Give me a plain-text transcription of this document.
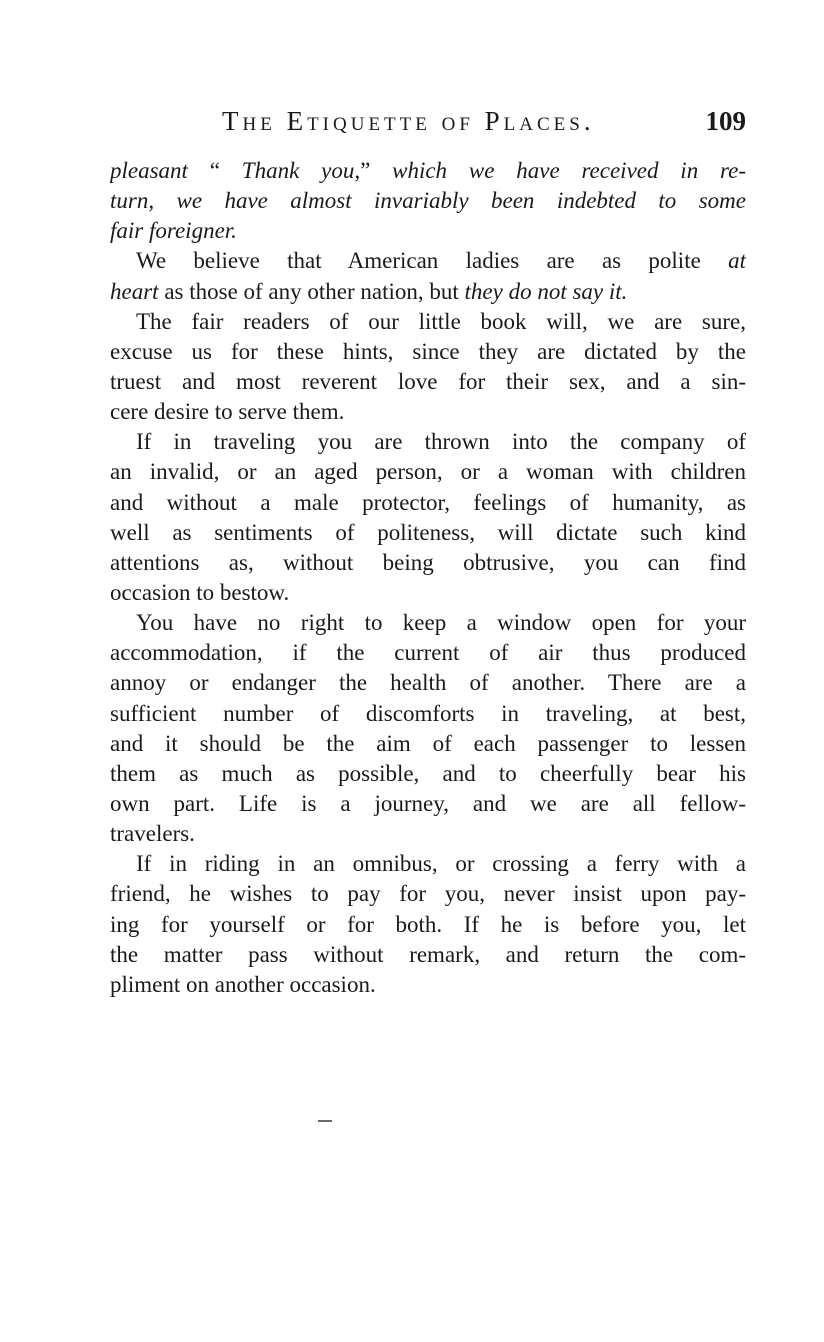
The Etiquette of Places.	109
pleasant “ Thank you,” which we have received in re-
turn, we have almost invariably been indebted to some
fair foreigner.
We believe that American ladies are as polite at
heart as those of any other nation, but they do not say it.
The fair readers of our little book will, we are sure,
excuse us for these hints, since they are dictated by the
truest and most reverent love for their sex, and a sin-
cere desire to serve them.
If in traveling you are thrown into the company of
an invalid, or an aged person, or a woman with children
and without a male protector, feelings of humanity, as
well as sentiments of politeness, will dictate such kind
attentions as, without being obtrusive, you can find
occasion to bestow.
You have no right to keep a window open for your
accommodation, if the current of air thus produced
annoy or endanger the health of another. There are a
sufficient number of discomforts in traveling, at best,
and it should be the aim of each passenger to lessen
them as much as possible, and to cheerfully bear his
own part. Life is a journey, and we are all fellow-
travelers.
If in riding in an omnibus, or crossing a ferry with a
friend, he wishes to pay for you, never insist upon pay-
ing for yourself or for both. If he is before you, let
the matter pass without remark, and return the com-
pliment on another occasion.
